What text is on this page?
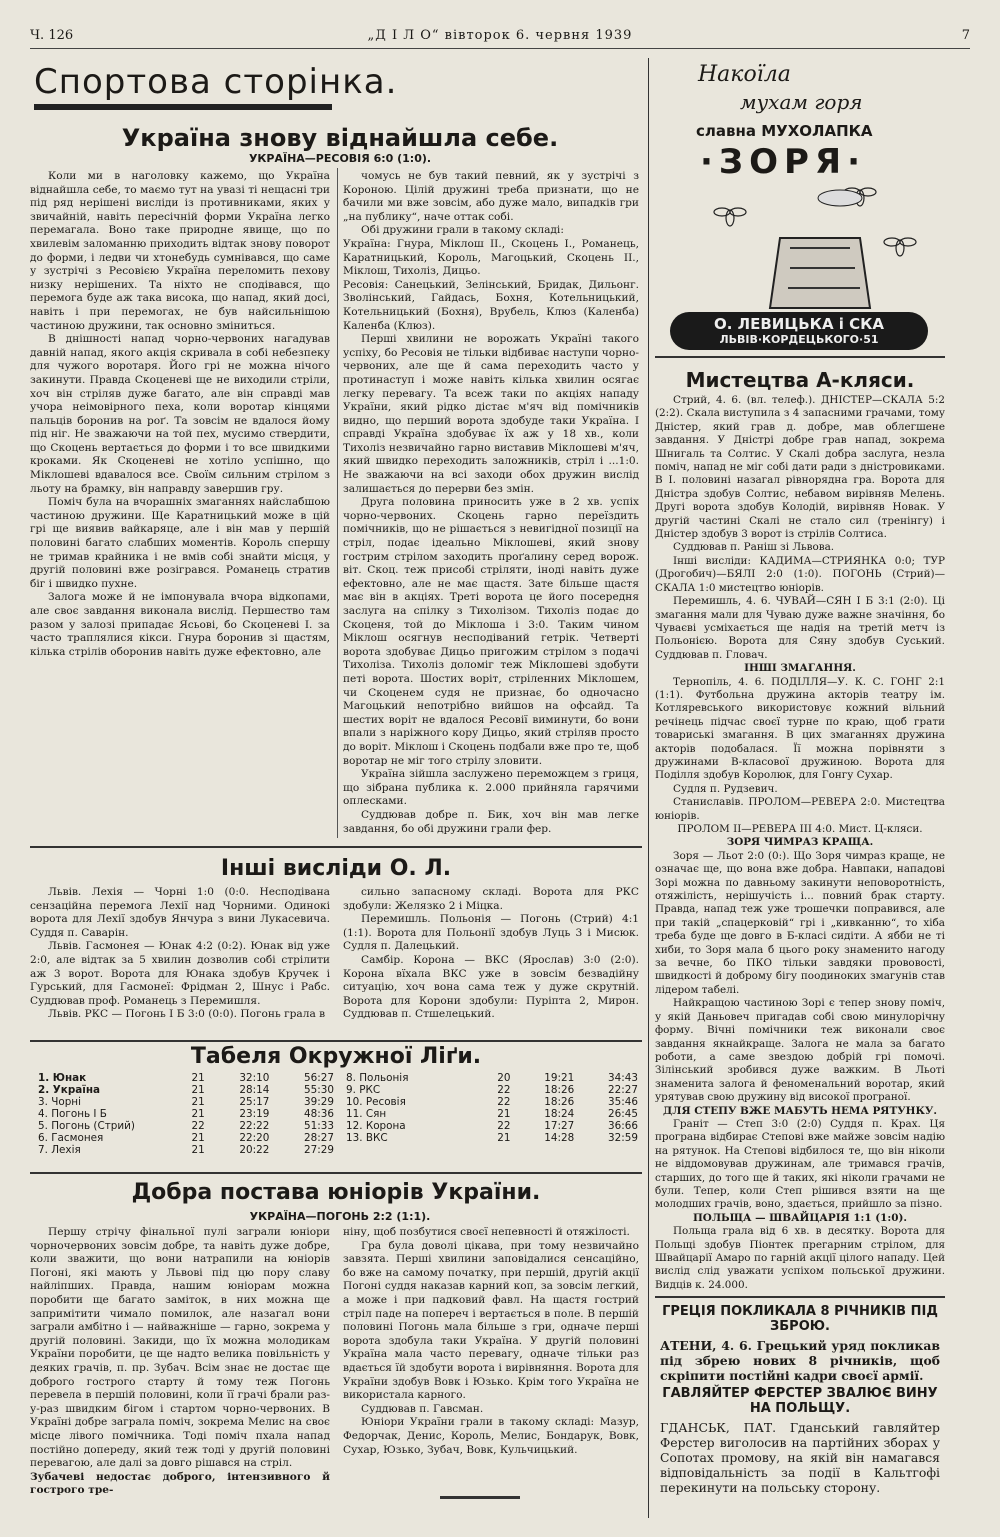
Ч. 126	„Д І Л О“ вівторок 6. червня 1939	7
Спортова сторінка.
Україна знову віднайшла себе.
УКРАЇНА—РЕСОВІЯ 6:0 (1:0).

Коли ми в наголовку кажемо, що Україна віднайшла себе, то маємо тут на увазі ті нещасні три під ряд нерішені висліди із противниками, яких у звичайній, навіть пересічній форми Україна легко перемагала. Воно таке природне явище, що по хвилевім заломанню приходить відтак знову поворот до форми, і ледви чи хтонебудь сумнівався, що саме у зустрічі з Ресовією Україна переломить пехову низку нерішених. Та ніхто не сподівався, що перемога буде аж така висока, що напад, який досі, навіть і при перемогах, не був найсильнішою частиною дружини, так основно зміниться.

В днішності напад чорно-червоних нагадував давній напад, якого акція скривала в собі небезпеку для чужого воротаря. Його грі не можна нічого закинути. Правда Скоценеві ще не виходили стріли, хоч він стріляв дуже багато, але він справді мав учора неімовірного пеха, коли воротар кінцями пальців боронив на роґ. Та зовсім не вдалося йому під ніг. Не зважаючи на той пех, мусимо ствердити, що Скоцень вертається до форми і то все швидкими кроками. Як Скоценеві не хотіло успішно, що Міклошеві вдавалося все. Своїм сильним стрілом з льоту на брамку, він направду завершив гру.

Поміч була на вчорашніх змаганнях найслабшою частиною дружини. Ще Каратницький може в цій грі ще виявив вайкаряце, але і він мав у першій половині багато слабших моментів. Король спершу не тримав крайника і не вмів собі знайти місця, у другій половині вже розігрався. Романець стратив біг і швидко пухне.

Залога може й не імпонувала вчора відкопами, але своє завдання виконала вислід. Першество там разом у залозі припадає Ясьові, бо Скоценеві І. за часто траплялися кікси. Гнура боронив зі щастям, кілька стрілів оборонив навіть дуже ефектовно, але

чомусь не був такий певний, як у зустрічі з Короною. Цілій дружині треба признати, що не бачили ми вже зовсім, або дуже мало, випадків гри „на публику“, наче оттак собі.

Обі дружини грали в такому складі:

Україна: Гнура, Міклош ІІ., Скоцень І., Романець, Каратницький, Король, Магоцький, Скоцень ІІ., Міклош, Тихоліз, Дицьо.

Ресовія: Санецький, Зелінський, Бридак, Дильонг. Зволінський, Гайдась, Бохня, Котельницький, Котельницький (Бохня), Врубель, Клюз (Каленба) Каленба (Клюз).

Перші хвилини не ворожать Україні такого успіху, бо Ресовія не тільки відбиває наступи чорно-червоних, але ще й сама переходить часто у протинаступ і може навіть кілька хвилин осягає легку перевагу. Та всеж таки по акціях нападу України, який рідко дістає м'яч від помічників видно, що перший ворота здобуде таки Україна. І справді Україна здобуває їх аж у 18 хв., коли Тихоліз незвичайно гарно виставив Міклошеві м'яч, який швидко переходить заложників, стріл і ...1:0. Не зважаючи на всі заходи обох дружин вислід залишається до перерви без змін.

Друга половина приносить уже в 2 хв. успіх чорно-червоних. Скоцень гарно переїздить помічників, що не рішається з невигідної позиції на стріл, подає ідеально Міклошеві, який знову гострим стрілом заходить проґалину серед ворож. віт. Скоц. теж присобі стріляти, іноді навіть дуже ефектовно, але не має щастя. Зате більше щастя має він в акціях. Треті ворота це його посередня заслуга на спілку з Тихолізом. Тихоліз подає до Скоценя, той до Міклоша і 3:0. Таким чином Міклош осягнув несподіваний гетрік. Четверті ворота здобуває Дицьо пригожим стрілом з подачі Тихоліза. Тихоліз доломіг теж Міклошеві здобути петі ворота. Шостих воріт, стріленних Міклошем, чи Скоценем судя не признає, бо одночасно Магоцький непотрібно вийшов на офсайд. Та шестих воріт не вдалося Ресовії виминути, бо вони впали з наріжного кору Дицьо, який стріляв просто до воріт. Міклош і Скоцень подбали вже про те, щоб воротар не міг того стрілу зловити.

Україна зійшла заслужено переможцем з гриця, що зібрана публика к. 2.000 прийняла гарячими оплесками.

Суддював добре п. Бик, хоч він мав легке завдання, бо обі дружини грали фер.

Накоїла
мухам горя
славна МУХОЛАПКА
·ЗОРЯ·
О. ЛЕВИЦЬКА і СКА
ЛЬВІВ·КОРДЕЦЬКОГО·51
Мистецтва А-кляси.

Стрий, 4. 6. (вл. телеф.). ДНІСТЕР—СКАЛА 5:2 (2:2). Скала виступила з 4 запасними грачами, тому Дністер, який грав д. добре, мав облегшене завдання. У Дністрі добре грав напад, зокрема Шнигаль та Солтис. У Скалі добра заслуга, незла поміч, напад не міг собі дати ради з дністровиками. В І. половині назагал рівнорядна гра. Ворота для Дністра здобув Солтис, небавом вирівняв Мелень. Другі ворота здобув Колодій, вирівняв Новак. У другій частині Скалі не стало сил (тренінгу) і Дністер здобув 3 ворот із стрілів Солтиса.

Суддював п. Раніш зі Львова.

Інші висліди: КАДИМА—СТРИЯНКА 0:0; ТУР (Дрогобич)—БЯЛІ 2:0 (1:0). ПОГОНЬ (Стрий)—СКАЛА 1:0 мистецтво юніорів.

Перемишль, 4. 6. ЧУВАЙ—СЯН І Б 3:1 (2:0). Ці змагання мали для Чуваю дуже важне значіння, бо Чуваєві усміхається ще надія на третій метч із Польонією. Ворота для Сяну здобув Суський. Суддював п. Гловач.

ІНШІ ЗМАГАННЯ.

Тернопіль, 4. 6. ПОДІЛЛЯ—У. К. С. ГОНГ 2:1 (1:1). Футбольна дружина акторів театру ім. Котляревського використовує кожний вільний речінець підчас своєї турне по краю, щоб грати товариські змагання. В цих змаганнях дружина акторів подобалася. Її можна порівняти з дружинами В-класової дружиною. Ворота для Поділля здобув Королюк, для Гонгу Сухар.

Судля п. Рудзевич.

Станиславів. ПРОЛОМ—РЕВЕРА 2:0. Мистецтва юніорів.

ПРОЛОМ ІІ—РЕВЕРА ІІІ 4:0. Мист. Ц-кляси.

ЗОРЯ ЧИМРАЗ КРАЩА.

Зоря — Льот 2:0 (0:). Що Зоря чимраз краще, не означає ще, що вона вже добра. Навпаки, нападові Зорі можна по давньому закинути неповоротність, отяжілість, нерішучість і... повний брак старту. Правда, напад теж уже трошечки поправився, але при такій „спацерковій“ грі і „кивканню“, то хіба треба буде ще довго в Б-класі сидіти. А ябби не ті хиби, то Зоря мала б цього року знаменито нагоду за вечне, бо ПКО тільки завдяки прововості, швидкості й доброму бігу поодиноких змагунів став лідером табелі.

Найкращою частиною Зорі є тепер знову поміч, у якій Даньовеч пригадав собі свою минулорічну форму. Вічні помічники теж виконали своє завдання якнайкраще. Залога не мала за багато роботи, а саме звездою добрій грі помочі. Зілінський зробився дуже важким. В Льоті знаменита залога й феноменальний воротар, який урятував свою дружину від високої програної.

ДЛЯ СТЕПУ ВЖЕ МАБУТЬ НЕМА РЯТУНКУ.

Граніт — Степ 3:0 (2:0) Суддя п. Крах. Ця програна відбирає Степові вже майже зовсім надію на рятунок. На Степові відбилося те, що він ніколи не віддомовував дружинам, але тримався грачів, старших, до того ще й таких, які ніколи грачами не були. Тепер, коли Степ рішився взяти на ще молодших грачів, воно, здається, прийшло за пізно.

ПОЛЬЩА — ШВАЙЦАРІЯ 1:1 (1:0).

Польща грала від 6 хв. в десятку. Ворота для Польщі здобув Піонтек прегарним стрілом, для Швайцарії Амаро по гарній акції цілого нападу. Цей вислід слід уважати успіхом польської дружини. Видців к. 24.000.

ГРЕЦІЯ ПОКЛИКАЛА 8 РІЧНИКІВ ПІД ЗБРОЮ.
АТЕНИ, 4. 6. Грецький уряд покликав під збрею нових 8 річників, щоб скріпити постійні кадри своєї армії.
ГАВЛЯЙТЕР ФЕРСТЕР ЗВАЛЮЄ ВИНУ НА ПОЛЬЩУ.
ГДАНСЬК, ПАТ. Гданський гавляйтер Ферстер виголосив на партійних зборах у Сопотах промову, на якій він намагався відповідальність за події в Кальтгофі перекинути на польську сторону.
Інші висліди О. Л.

Львів. Лехія — Чорні 1:0 (0:0. Несподівана сензаційна перемога Лехії над Чорними. Одинокі ворота для Лехії здобув Янчура з вини Лукасевича. Суддя п. Саварін.

Львів. Гасмонея — Юнак 4:2 (0:2). Юнак від уже 2:0, але відтак за 5 хвилин дозволив собі стрілити аж 3 ворот. Ворота для Юнака здобув Кручек і Гурський, для Гасмонеї: Фрідман 2, Шнус і Рабс. Суддював проф. Романець з Перемишля.

Львів. РКС — Погонь І Б 3:0 (0:0). Погонь грала в

сильно запасному складі. Ворота для РКС здобули: Желязко 2 і Міцка.

Перемишль. Польонія — Погонь (Стрий) 4:1 (1:1). Ворота для Польонії здобув Луць 3 і Мисюк. Судля п. Далецький.

Самбір. Корона — ВКС (Ярослав) 3:0 (2:0). Корона вїхала ВКС уже в зовсім безвадійну ситуацію, хоч вона сама теж у дуже скрутній. Ворота для Корони здобули: Пуріпта 2, Мирон. Суддював п. Стшелецький.

Табеля Окружної Ліґи.
1. Юнак	21	32:10	56:27
2. Україна	21	28:14	55:30
3. Чорні	21	25:17	39:29
4. Погонь І Б	21	23:19	48:36
5. Погонь (Стрий)	22	22:22	51:33
6. Гасмонея	21	22:20	28:27
7. Лехія	21	20:22	27:29
8. Польонія	20	19:21	34:43
9. РКС	22	18:26	22:27
10. Ресовія	22	18:26	35:46
11. Сян	21	18:24	26:45
12. Корона	22	17:27	36:66
13. ВКС	21	14:28	32:59
Добра постава юніорів України.
УКРАЇНА—ПОГОНЬ 2:2 (1:1).

Першу стрічу фінальної пулі заграли юніори чорночервоних зовсім добре, та навіть дуже добре, коли зважити, що вони натрапили на юніорів Погоні, які мають у Львові під цю пору славу найліпших. Правда, нашим юніорам можна поробити ще багато заміток, в них можна ще запримітити чимало помилок, але назагал вони заграли амбітно і — найважніше — гарно, зокрема у другій половині. Закиди, що їх можна молодикам України поробити, це ще надто велика повільність у деяких грачів, п. пр. Зубач. Всім знає не достає ще доброго гострого старту й тому теж Погонь перевела в першій половині, коли її грачі брали раз-у-раз швидким бігом і стартом чорно-червоних. В Україні добре заграла поміч, зокрема Мелис на своє місце лівого помічника. Тоді поміч пхала напад постійно допереду, який теж тоді у другій половині перевагою, але далі за довго рішався на стріл.

Зубачеві недостає доброго, інтензивного й гострого тре-

ніну, щоб позбутися своєї непевності й отяжілості.

Гра була доволі цікава, при тому незвичайно завзята. Перші хвилини заповідалися сенсаційно, бо вже на самому початку, при першій, другій акції Погоні суддя наказав карний коп, за зовсім легкий, а може і при падковий фавл. На щастя гострий стріл паде на попереч і вертається в поле. В першій половині Погонь мала більше з гри, одначе перші ворота здобула таки Україна. У другій половині Україна мала часто перевагу, одначе тільки раз вдається їй здобути ворота і вирівняння. Ворота для України здобув Вовк і Юзько. Крім того Україна не використала карного.

Суддював п. Гавсман.

Юніори України грали в такому складі: Мазур, Федорчак, Денис, Король, Мелис, Бондарук, Вовк, Сухар, Юзько, Зубач, Вовк, Кульчицький.
